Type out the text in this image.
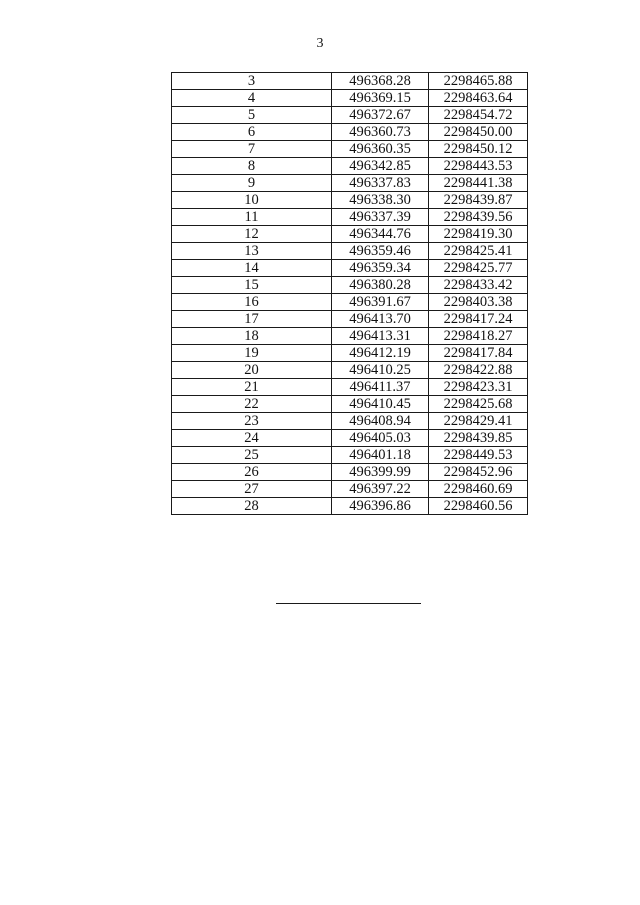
3
3	496368.28	2298465.88
4	496369.15	2298463.64
5	496372.67	2298454.72
6	496360.73	2298450.00
7	496360.35	2298450.12
8	496342.85	2298443.53
9	496337.83	2298441.38
10	496338.30	2298439.87
11	496337.39	2298439.56
12	496344.76	2298419.30
13	496359.46	2298425.41
14	496359.34	2298425.77
15	496380.28	2298433.42
16	496391.67	2298403.38
17	496413.70	2298417.24
18	496413.31	2298418.27
19	496412.19	2298417.84
20	496410.25	2298422.88
21	496411.37	2298423.31
22	496410.45	2298425.68
23	496408.94	2298429.41
24	496405.03	2298439.85
25	496401.18	2298449.53
26	496399.99	2298452.96
27	496397.22	2298460.69
28	496396.86	2298460.56
